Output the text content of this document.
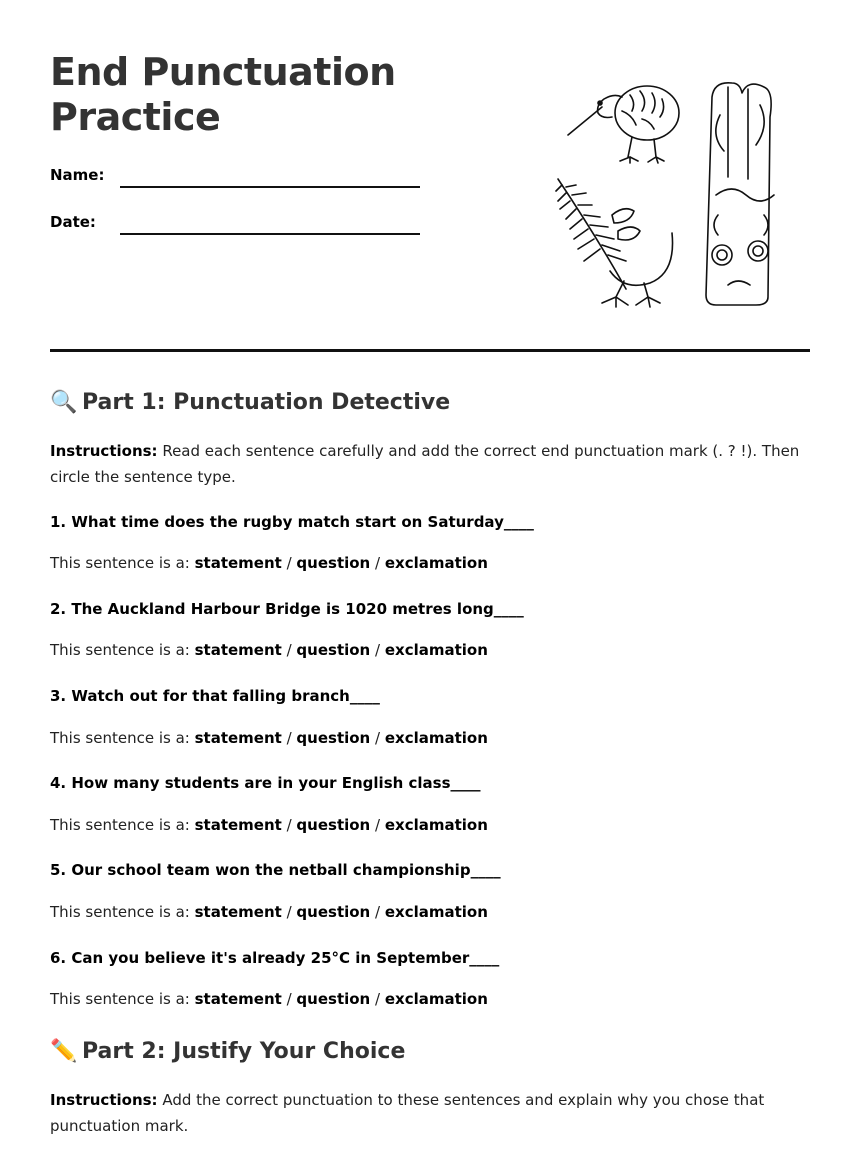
End Punctuation
Practice
Name:
Date:
🔍 Part 1: Punctuation Detective

Instructions: Read each sentence carefully and add the correct end punctuation mark (. ? !). Then circle the sentence type.

1. What time does the rugby match start on Saturday____
This sentence is a: statement / question / exclamation
2. The Auckland Harbour Bridge is 1020 metres long____
This sentence is a: statement / question / exclamation
3. Watch out for that falling branch____
This sentence is a: statement / question / exclamation
4. How many students are in your English class____
This sentence is a: statement / question / exclamation
5. Our school team won the netball championship____
This sentence is a: statement / question / exclamation
6. Can you believe it's already 25°C in September____
This sentence is a: statement / question / exclamation
✏️ Part 2: Justify Your Choice

Instructions: Add the correct punctuation to these sentences and explain why you chose that punctuation mark.
